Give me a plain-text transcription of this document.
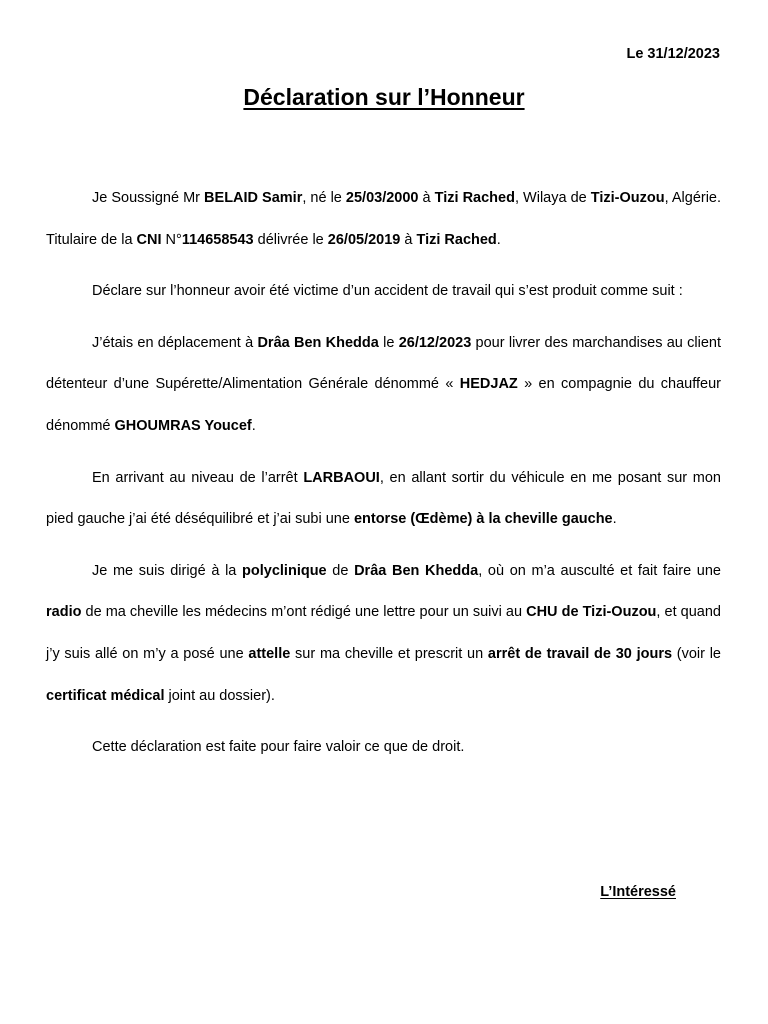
Le 31/12/2023
Déclaration sur l’Honneur

Je Soussigné Mr BELAID Samir, né le 25/03/2000 à Tizi Rached, Wilaya de Tizi-Ouzou, Algérie. Titulaire de la CNI N°114658543 délivrée le 26/05/2019 à Tizi Rached.

Déclare sur l’honneur avoir été victime d’un accident de travail qui s’est produit comme suit :

J’étais en déplacement à Drâa Ben Khedda le 26/12/2023 pour livrer des marchandises au client détenteur d’une Supérette/Alimentation Générale dénommé « HEDJAZ » en compagnie du chauffeur dénommé GHOUMRAS Youcef.

En arrivant au niveau de l’arrêt LARBAOUI, en allant sortir du véhicule en me posant sur mon pied gauche j’ai été déséquilibré et j’ai subi une entorse (Œdème) à la cheville gauche.

Je me suis dirigé à la polyclinique de Drâa Ben Khedda, où on m’a ausculté et fait faire une radio de ma cheville les médecins m’ont rédigé une lettre pour un suivi au CHU de Tizi-Ouzou, et quand j’y suis allé on m’y a posé une attelle sur ma cheville et prescrit un arrêt de travail de 30 jours (voir le certificat médical joint au dossier).

Cette déclaration est faite pour faire valoir ce que de droit.

L’Intéressé
